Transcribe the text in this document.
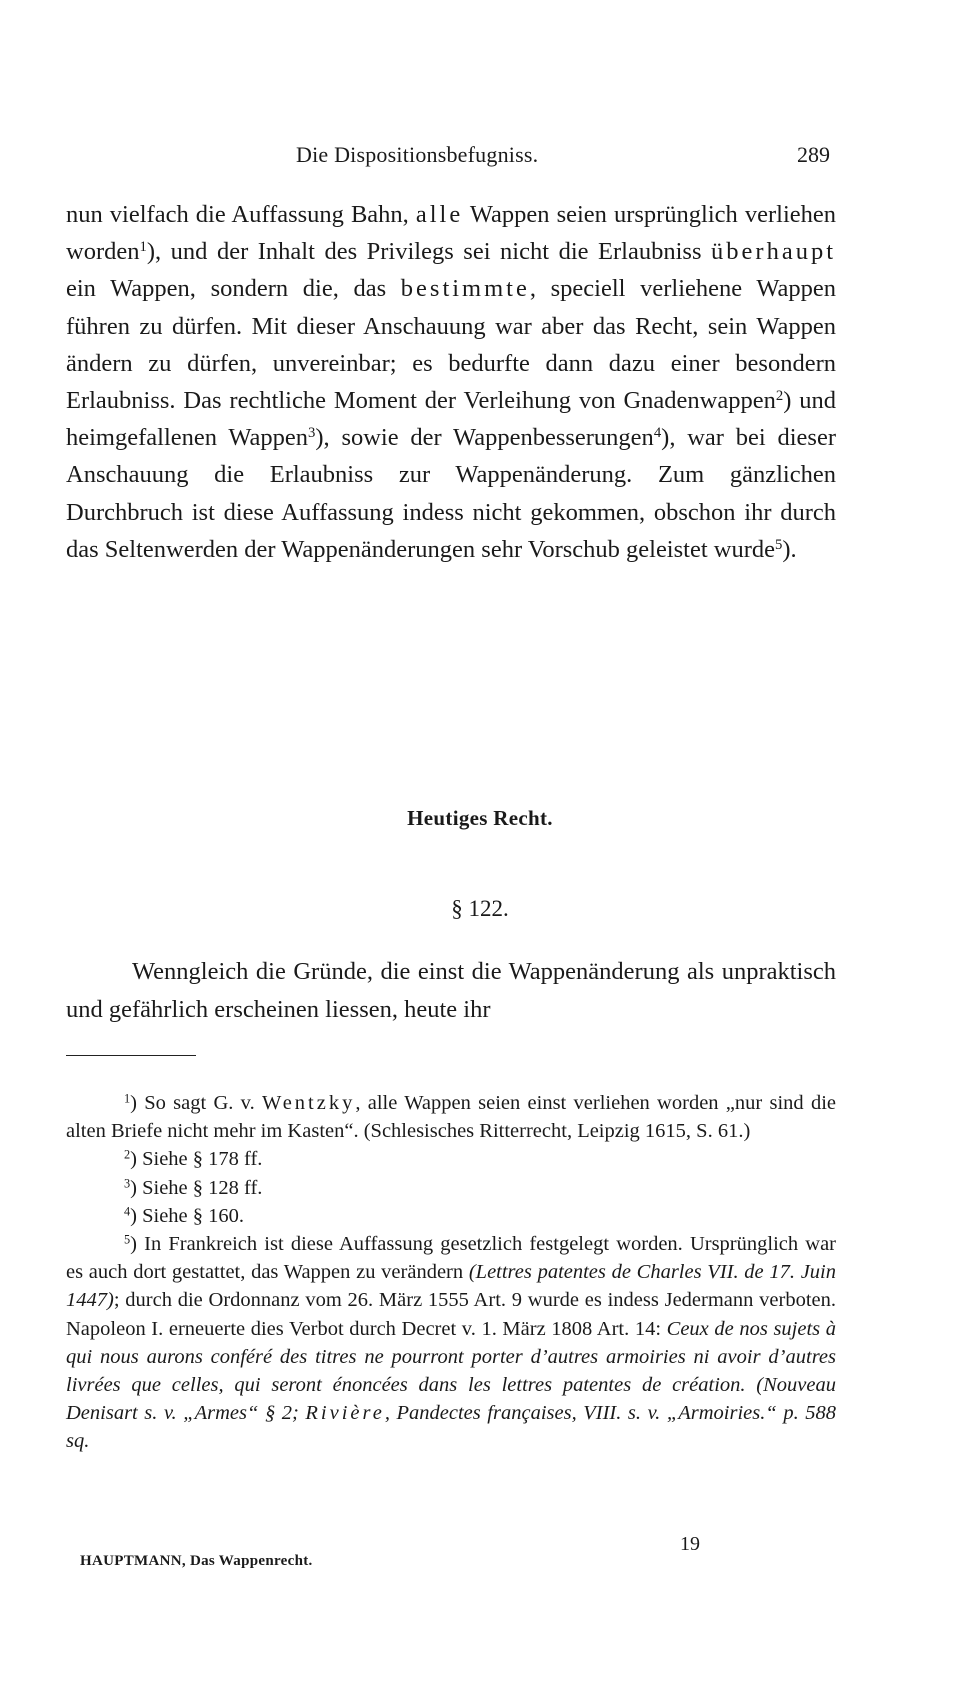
Die Dispositionsbefugniss.	289

nun vielfach die Auffassung Bahn, alle Wappen seien ursprünglich verliehen worden$^1$), und der Inhalt des Privilegs sei nicht die Erlaubniss überhaupt ein Wappen, sondern die, das bestimmte, speciell verliehene Wappen führen zu dürfen. Mit dieser Anschauung war aber das Recht, sein Wappen ändern zu dürfen, unvereinbar; es bedurfte dann dazu einer besondern Erlaubniss. Das rechtliche Moment der Verleihung von Gnadenwappen$^2$) und heimgefallenen Wappen$^3$), sowie der Wappenbesserungen$^4$), war bei dieser Anschauung die Erlaubniss zur Wappenänderung. Zum gänzlichen Durchbruch ist diese Auffassung indess nicht gekommen, obschon ihr durch das Seltenwerden der Wappenänderungen sehr Vorschub geleistet wurde$^5$).

Heutiges Recht.
§ 122.

Wenngleich die Gründe, die einst die Wappenänderung als unpraktisch und gefährlich erscheinen liessen, heute ihr

$^1$) So sagt G. v. Wentzky, alle Wappen seien einst verliehen worden „nur sind die alten Briefe nicht mehr im Kasten“. (Schlesisches Ritterrecht, Leipzig 1615, S. 61.)

$^2$) Siehe § 178 ff.

$^3$) Siehe § 128 ff.

$^4$) Siehe § 160.

$^5$) In Frankreich ist diese Auffassung gesetzlich festgelegt worden. Ursprünglich war es auch dort gestattet, das Wappen zu verändern (Lettres patentes de Charles VII. de 17. Juin 1447); durch die Ordonnanz vom 26. März 1555 Art. 9 wurde es indess Jedermann verboten. Napoleon I. erneuerte dies Verbot durch Decret v. 1. März 1808 Art. 14: Ceux de nos sujets à qui nous aurons conféré des titres ne pourront porter d’autres armoiries ni avoir d’autres livrées que celles, qui seront énoncées dans les lettres patentes de création. (Nouveau Denisart s. v. „Armes“ § 2; Rivière, Pandectes françaises, VIII. s. v. „Armoiries.“ p. 588 sq.

19
HAUPTMANN, Das Wappenrecht.
